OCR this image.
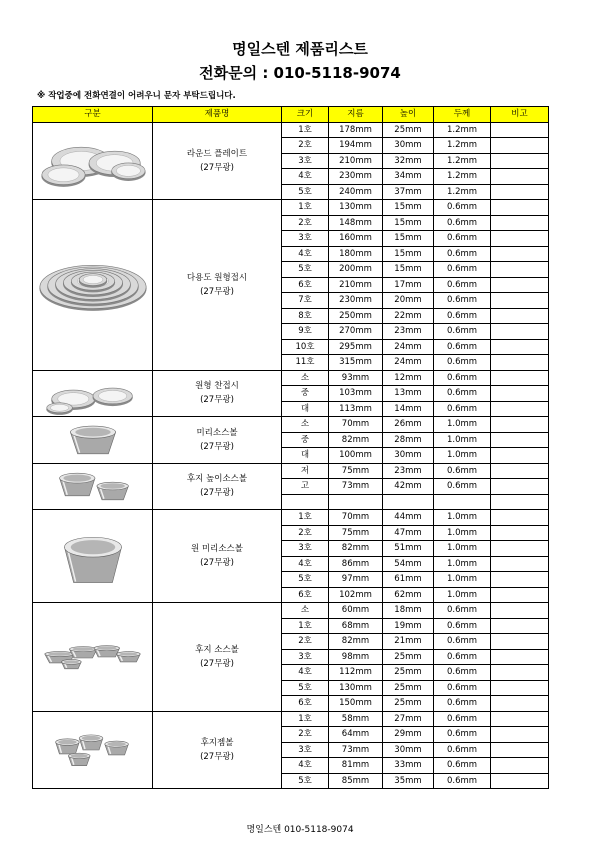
명일스텐 제품리스트
전화문의 : 010-5118-9074

※ 작업중에 전화연결이 어려우니 문자 부탁드립니다.

구분	제품명	크기	지름	높이	두께	비고

라운드 플레이트
(27무광)	1호	178mm	25mm	1.2mm	
		2호	194mm	30mm	1.2mm	
		3호	210mm	32mm	1.2mm	
		4호	230mm	34mm	1.2mm	
		5호	240mm	37mm	1.2mm	

다용도 원형접시
(27무광)	1호	130mm	15mm	0.6mm	
		2호	148mm	15mm	0.6mm	
		3호	160mm	15mm	0.6mm	
		4호	180mm	15mm	0.6mm	
		5호	200mm	15mm	0.6mm	
		6호	210mm	17mm	0.6mm	
		7호	230mm	20mm	0.6mm	
		8호	250mm	22mm	0.6mm	
		9호	270mm	23mm	0.6mm	
		10호	295mm	24mm	0.6mm	
		11호	315mm	24mm	0.6mm	

원형 찬접시
(27무광)	소	93mm	12mm	0.6mm	
		중	103mm	13mm	0.6mm	
		대	113mm	14mm	0.6mm	

미리소스볼
(27무광)	소	70mm	26mm	1.0mm	
		중	82mm	28mm	1.0mm	
		대	100mm	30mm	1.0mm	

후지 높이소스볼
(27무광)	저	75mm	23mm	0.6mm	
		고	73mm	42mm	0.6mm	

원 미리소스볼
(27무광)	1호	70mm	44mm	1.0mm	
		2호	75mm	47mm	1.0mm	
		3호	82mm	51mm	1.0mm	
		4호	86mm	54mm	1.0mm	
		5호	97mm	61mm	1.0mm	
		6호	102mm	62mm	1.0mm	

후지 소스볼
(27무광)	소	60mm	18mm	0.6mm	
		1호	68mm	19mm	0.6mm	
		2호	82mm	21mm	0.6mm	
		3호	98mm	25mm	0.6mm	
		4호	112mm	25mm	0.6mm	
		5호	130mm	25mm	0.6mm	
		6호	150mm	25mm	0.6mm	

후지젬볼
(27무광)	1호	58mm	27mm	0.6mm	
		2호	64mm	29mm	0.6mm	
		3호	73mm	30mm	0.6mm	
		4호	81mm	33mm	0.6mm	
		5호	85mm	35mm	0.6mm	
명일스텐 010-5118-9074
